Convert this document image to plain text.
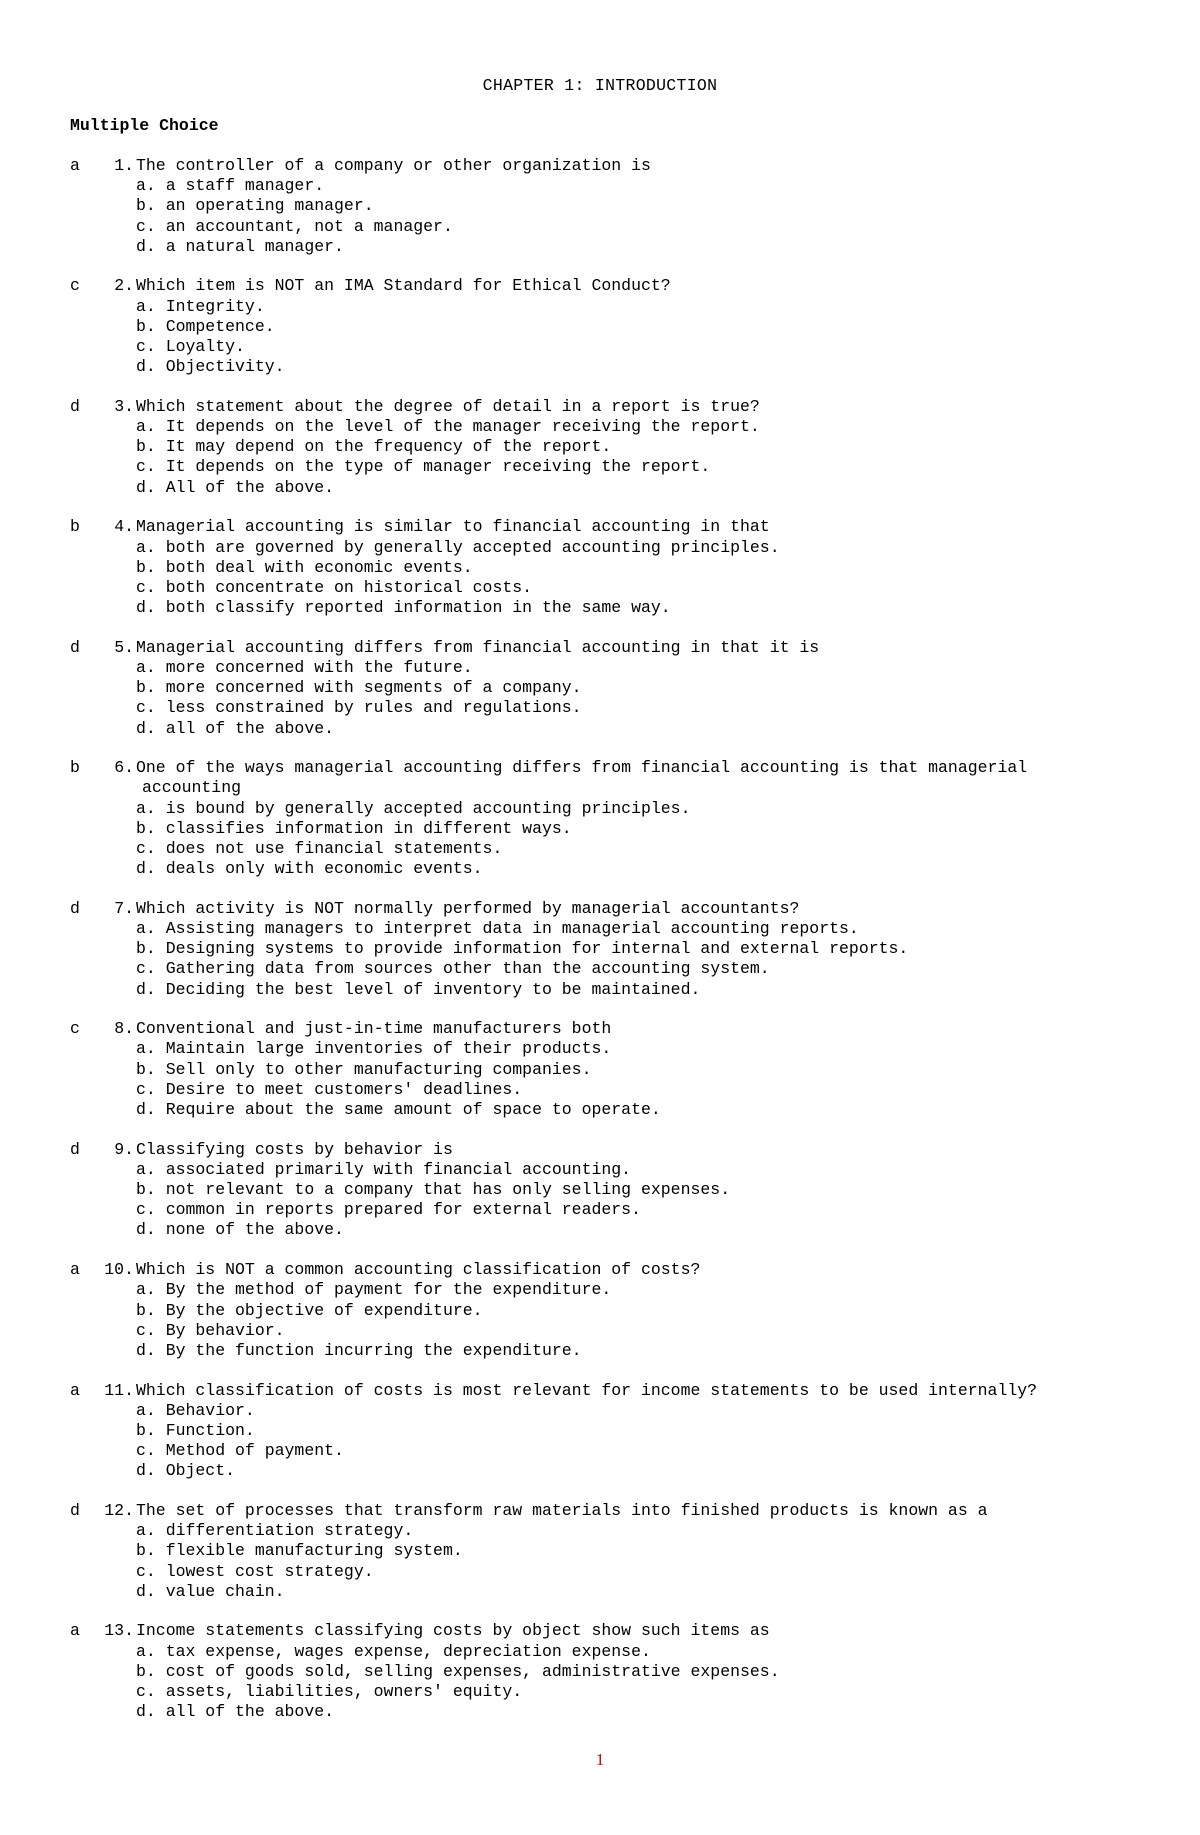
CHAPTER 1: INTRODUCTION
Multiple Choice
a	1. The controller of a company or other organization is
a. a staff manager.
b. an operating manager.
c. an accountant, not a manager.
d. a natural manager.
c	2. Which item is NOT an IMA Standard for Ethical Conduct?
a. Integrity.
b. Competence.
c. Loyalty.
d. Objectivity.
d	3. Which statement about the degree of detail in a report is true?
a. It depends on the level of the manager receiving the report.
b. It may depend on the frequency of the report.
c. It depends on the type of manager receiving the report.
d. All of the above.
b	4. Managerial accounting is similar to financial accounting in that
a. both are governed by generally accepted accounting principles.
b. both deal with economic events.
c. both concentrate on historical costs.
d. both classify reported information in the same way.
d	5. Managerial accounting differs from financial accounting in that it is
a. more concerned with the future.
b. more concerned with segments of a company.
c. less constrained by rules and regulations.
d. all of the above.
b	6. One of the ways managerial accounting differs from financial accounting is that managerial
accounting
a. is bound by generally accepted accounting principles.
b. classifies information in different ways.
c. does not use financial statements.
d. deals only with economic events.
d	7. Which activity is NOT normally performed by managerial accountants?
a. Assisting managers to interpret data in managerial accounting reports.
b. Designing systems to provide information for internal and external reports.
c. Gathering data from sources other than the accounting system.
d. Deciding the best level of inventory to be maintained.
c	8. Conventional and just-in-time manufacturers both
a. Maintain large inventories of their products.
b. Sell only to other manufacturing companies.
c. Desire to meet customers' deadlines.
d. Require about the same amount of space to operate.
d	9. Classifying costs by behavior is
a. associated primarily with financial accounting.
b. not relevant to a company that has only selling expenses.
c. common in reports prepared for external readers.
d. none of the above.
a	10. Which is NOT a common accounting classification of costs?
a. By the method of payment for the expenditure.
b. By the objective of expenditure.
c. By behavior.
d. By the function incurring the expenditure.
a	11. Which classification of costs is most relevant for income statements to be used internally?
a. Behavior.
b. Function.
c. Method of payment.
d. Object.
d	12. The set of processes that transform raw materials into finished products is known as a
a. differentiation strategy.
b. flexible manufacturing system.
c. lowest cost strategy.
d. value chain.
a	13. Income statements classifying costs by object show such items as
a. tax expense, wages expense, depreciation expense.
b. cost of goods sold, selling expenses, administrative expenses.
c. assets, liabilities, owners' equity.
d. all of the above.
1
